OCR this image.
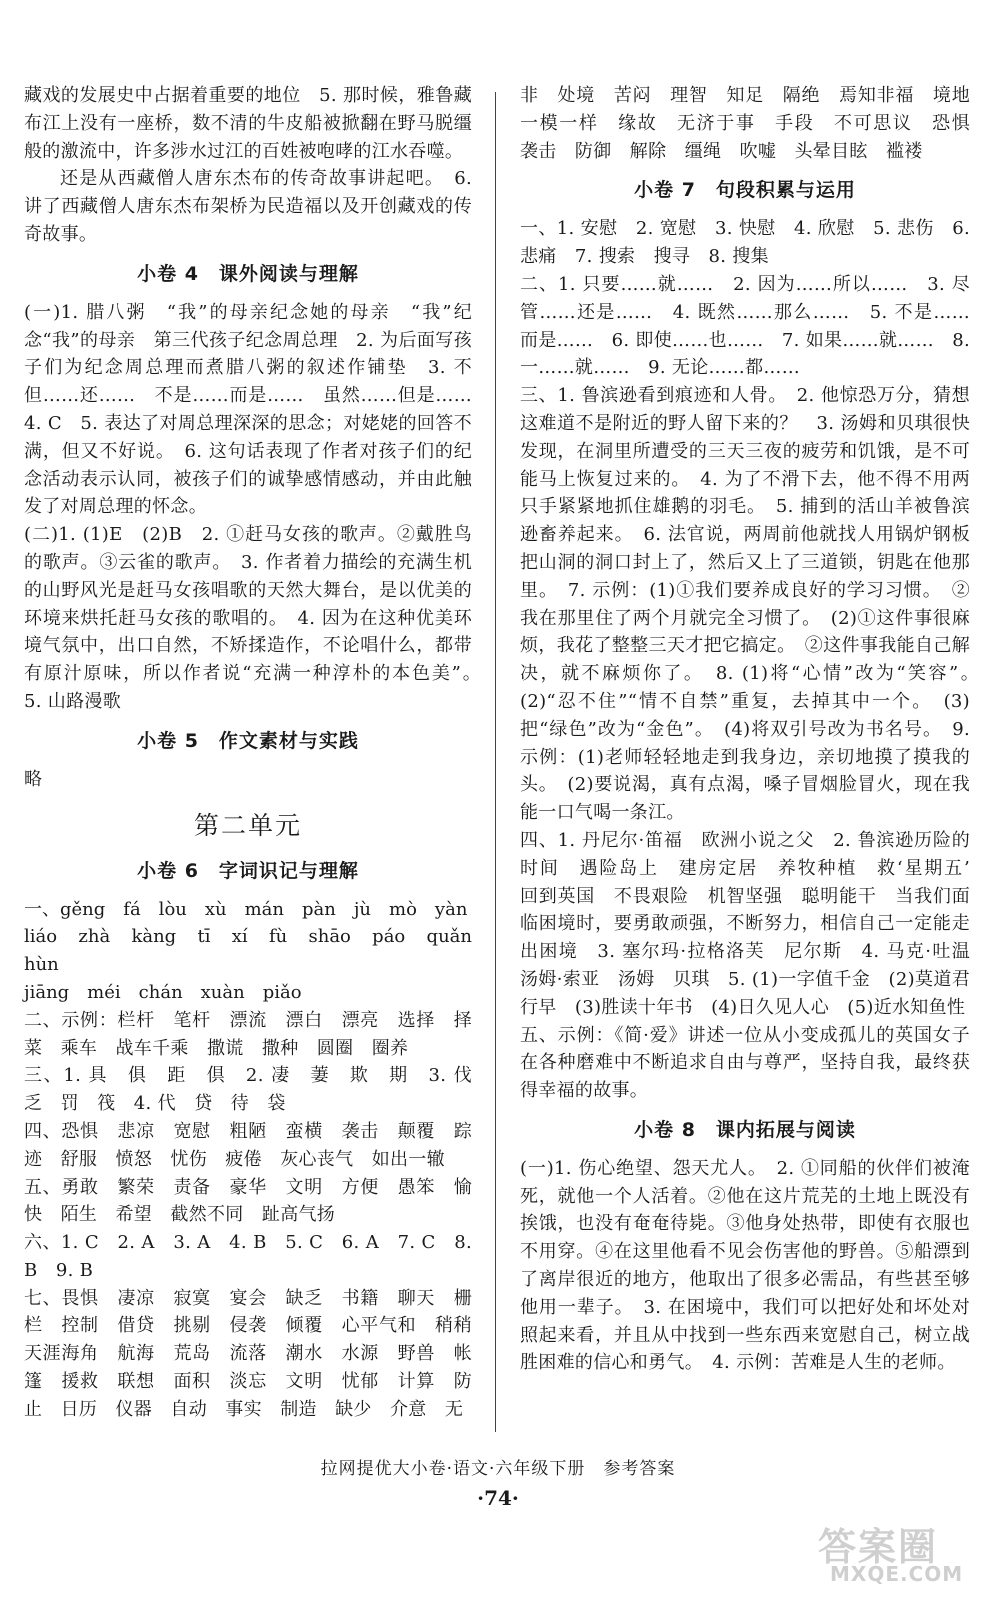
藏戏的发展史中占据着重要的地位　5. 那时候，雅鲁藏布江上没有一座桥，数不清的牛皮船被掀翻在野马脱缰般的激流中，许多涉水过江的百姓被咆哮的江水吞噬。

还是从西藏僧人唐东杰布的传奇故事讲起吧。　6. 讲了西藏僧人唐东杰布架桥为民造福以及开创藏戏的传奇故事。

小卷 4　课外阅读与理解

(一)1. 腊八粥　“我”的母亲纪念她的母亲　“我”纪念“我”的母亲　第三代孩子纪念周总理　2. 为后面写孩子们为纪念周总理而煮腊八粥的叙述作铺垫　3. 不但……还……　不是……而是……　虽然……但是……　4. C　5. 表达了对周总理深深的思念；对姥姥的回答不满，但又不好说。　6. 这句话表现了作者对孩子们的纪念活动表示认同，被孩子们的诚挚感情感动，并由此触发了对周总理的怀念。

(二)1. (1)E　(2)B　2. ①赶马女孩的歌声。②戴胜鸟的歌声。③云雀的歌声。　3. 作者着力描绘的充满生机的山野风光是赶马女孩唱歌的天然大舞台，是以优美的环境来烘托赶马女孩的歌唱的。　4. 因为在这种优美环境气氛中，出口自然，不矫揉造作，不论唱什么，都带有原汁原味，所以作者说“充满一种淳朴的本色美”。　5. 山路漫歌

小卷 5　作文素材与实践

略

第二单元
小卷 6　字词识记与理解

一、gěng　fá　lòu　xù　mán　pàn　jù　mò　yàn

liáo　zhà　kàng　tī　xí　fù　shāo　páo　quǎn　hùn

jiāng　méi　chán　xuàn　piǎo

二、示例：栏杆　笔杆　漂流　漂白　漂亮　选择　择菜　乘车　战车千乘　撒谎　撒种　圆圈　圈养

三、1. 具　俱　距　倶　2. 凄　萋　欺　期　3. 伐　乏　罚　筏　4. 代　贷　待　袋

四、恐惧　悲凉　宽慰　粗陋　蛮横　袭击　颠覆　踪迹　舒服　愤怒　忧伤　疲倦　灰心丧气　如出一辙

五、勇敢　繁荣　责备　豪华　文明　方便　愚笨　愉快　陌生　希望　截然不同　趾高气扬

六、1. C　2. A　3. A　4. B　5. C　6. A　7. C　8. B　9. B

七、畏惧　凄凉　寂寞　宴会　缺乏　书籍　聊天　栅栏　控制　借贷　挑剔　侵袭　倾覆　心平气和　稍稍　天涯海角　航海　荒岛　流落　潮水　水源　野兽　帐篷　援救　联想　面积　淡忘　文明　忧郁　计算　防止　日历　仪器　自动　事实　制造　缺少　介意　无

非　处境　苦闷　理智　知足　隔绝　焉知非福　境地　一模一样　缘故　无济于事　手段　不可思议　恐惧　袭击　防御　解除　缰绳　吹嘘　头晕目眩　褴褛

小卷 7　句段积累与运用

一、1. 安慰　2. 宽慰　3. 快慰　4. 欣慰　5. 悲伤　6. 悲痛　7. 搜索　搜寻　8. 搜集

二、1. 只要……就……　2. 因为……所以……　3. 尽管……还是……　4. 既然……那么……　5. 不是……而是……　6. 即使……也……　7. 如果……就……　8. 一……就……　9. 无论……都……

三、1. 鲁滨逊看到痕迹和人骨。　2. 他惊恐万分，猜想这难道不是附近的野人留下来的？　3. 汤姆和贝琪很快发现，在洞里所遭受的三天三夜的疲劳和饥饿，是不可能马上恢复过来的。　4. 为了不滑下去，他不得不用两只手紧紧地抓住雄鹅的羽毛。　5. 捕到的活山羊被鲁滨逊畜养起来。　6. 法官说，两周前他就找人用锅炉钢板把山洞的洞口封上了，然后又上了三道锁，钥匙在他那里。　7. 示例：(1)①我们要养成良好的学习习惯。　②我在那里住了两个月就完全习惯了。　(2)①这件事很麻烦，我花了整整三天才把它搞定。　②这件事我能自己解决，就不麻烦你了。　8. (1)将“心情”改为“笑容”。　(2)“忍不住”“情不自禁”重复，去掉其中一个。　(3)把“绿色”改为“金色”。　(4)将双引号改为书名号。　9. 示例：(1)老师轻轻地走到我身边，亲切地摸了摸我的头。　(2)要说渴，真有点渴，嗓子冒烟脸冒火，现在我能一口气喝一条江。

四、1. 丹尼尔·笛福　欧洲小说之父　2. 鲁滨逊历险的时间　遇险岛上　建房定居　养牧种植　救‘星期五’　回到英国　不畏艰险　机智坚强　聪明能干　当我们面临困境时，要勇敢顽强，不断努力，相信自己一定能走出困境　3. 塞尔玛·拉格洛芙　尼尔斯　4. 马克·吐温　汤姆·索亚　汤姆　贝琪　5. (1)一字值千金　(2)莫道君行早　(3)胜读十年书　(4)日久见人心　(5)近水知鱼性

五、示例：《简·爱》讲述一位从小变成孤儿的英国女子在各种磨难中不断追求自由与尊严，坚持自我，最终获得幸福的故事。

小卷 8　课内拓展与阅读

(一)1. 伤心绝望、怨天尤人。　2. ①同船的伙伴们被淹死，就他一个人活着。②他在这片荒芜的土地上既没有挨饿，也没有奄奄待毙。③他身处热带，即使有衣服也不用穿。④在这里他看不见会伤害他的野兽。⑤船漂到了离岸很近的地方，他取出了很多必需品，有些甚至够他用一辈子。　3. 在困境中，我们可以把好处和坏处对照起来看，并且从中找到一些东西来宽慰自己，树立战胜困难的信心和勇气。　4. 示例：苦难是人生的老师。

拉网提优大小卷·语文·六年级下册　参考答案
·74·
答案圈
MXQE.COM
